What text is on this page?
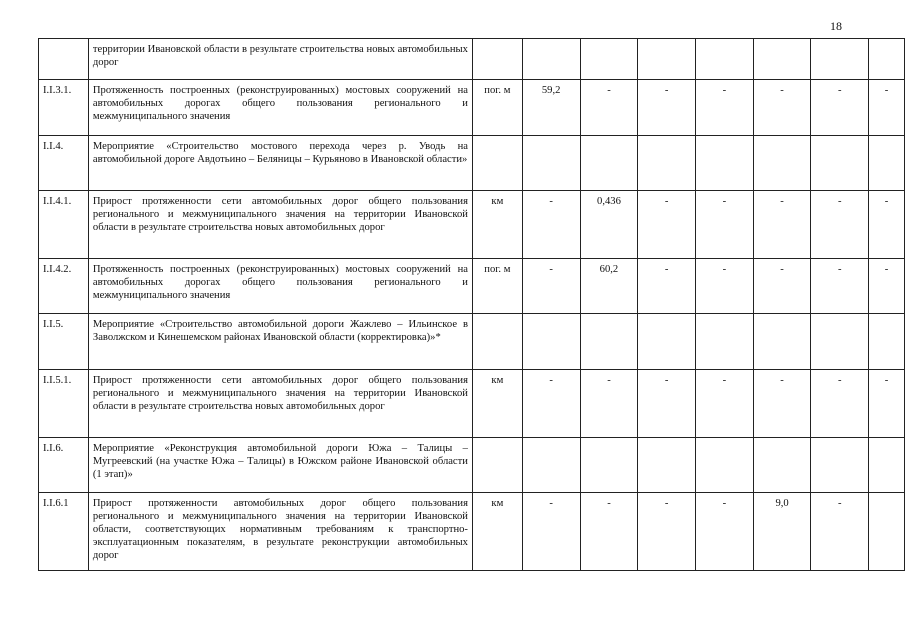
18
	территории Ивановской области в результате строительства новых автомобильных дорог								
I.I.3.1.	Протяженность построенных (реконструированных) мостовых сооружений на автомобильных дорогах общего пользования регионального и межмуниципального значения	пог. м	59,2	-	-	-	-	-	-
I.I.4.	Мероприятие «Строительство мостового перехода через р. Уводь на автомобильной дороге Авдотьино – Беляницы – Курьяново в Ивановской области»								
I.I.4.1.	Прирост протяженности сети автомобильных дорог общего пользования регионального и межмуниципального значения на территории Ивановской области в результате строительства новых автомобильных дорог	км	-	0,436	-	-	-	-	-
I.I.4.2.	Протяженность построенных (реконструированных) мостовых сооружений на автомобильных дорогах общего пользования регионального и межмуниципального значения	пог. м	-	60,2	-	-	-	-	-
I.I.5.	Мероприятие «Строительство автомобильной дороги Жажлево – Ильинское в Заволжском и Кинешемском районах Ивановской области (корректировка)»*								
I.I.5.1.	Прирост протяженности сети автомобильных дорог общего пользования регионального и межмуниципального значения на территории Ивановской области в результате строительства новых автомобильных дорог	км	-	-	-	-	-	-	-
I.I.6.	Мероприятие «Реконструкция автомобильной дороги Южа – Талицы – Мугреевский (на участке Южа – Талицы) в Южском районе Ивановской области (1 этап)»								
I.I.6.1	Прирост протяженности автомобильных дорог общего пользования регионального и межмуниципального значения на территории Ивановской области, соответствующих нормативным требованиям к транспортно-эксплуатационным показателям, в результате реконструкции автомобильных дорог	км	-	-	-	-	9,0	-	
